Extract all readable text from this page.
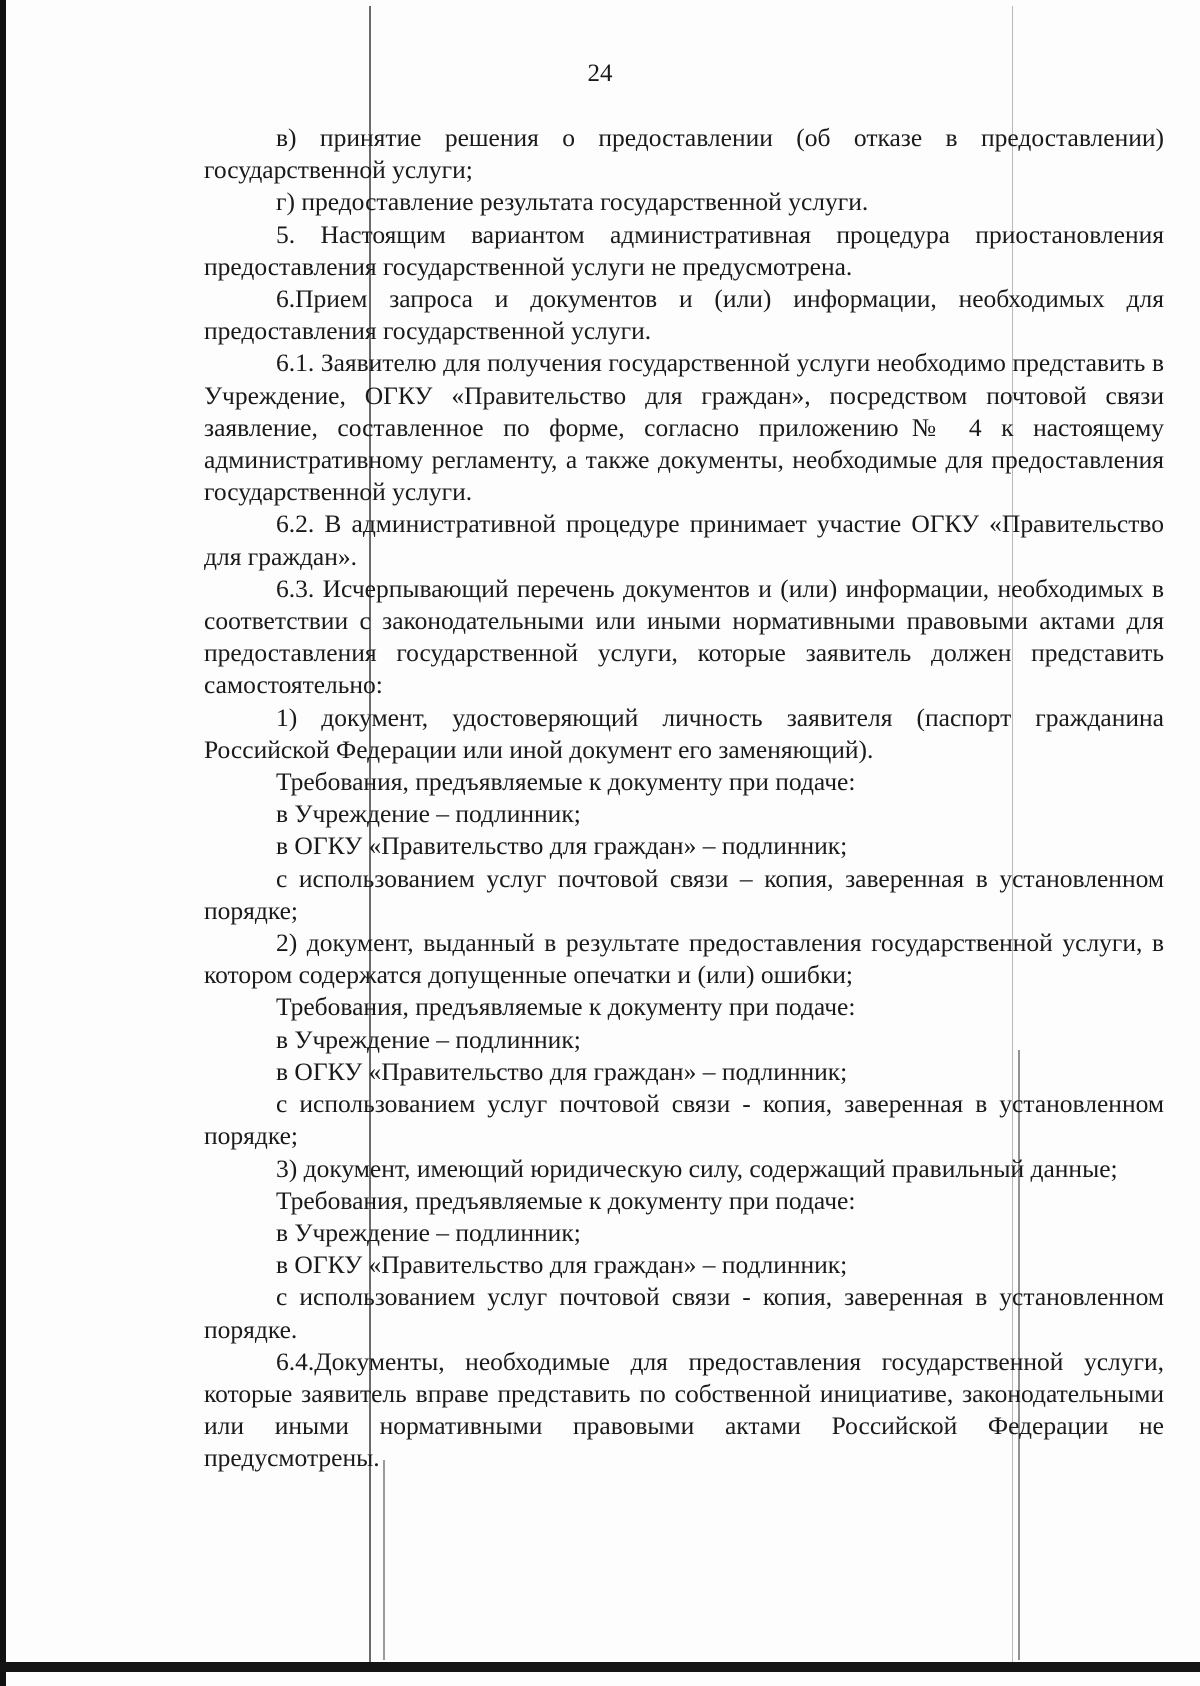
24

в) принятие решения о предоставлении (об отказе в предоставлении) государственной услуги;

г) предоставление результата государственной услуги.

5. Настоящим вариантом административная процедура приостановления предоставления государственной услуги не предусмотрена.

6.Прием запроса и документов и (или) информации, необходимых для предоставления государственной услуги.

6.1. Заявителю для получения государственной услуги необходимо представить в Учреждение, ОГКУ «Правительство для граждан», посредством почтовой связи заявление, составленное по форме, согласно приложению№ 4 к настоящему административному регламенту, а также документы, необходимые для предоставления государственной услуги.

6.2. В административной процедуре принимает участие ОГКУ «Правительство для граждан».

6.3. Исчерпывающий перечень документов и (или) информации, необходимых в соответствии с законодательными или иными нормативными правовыми актами для предоставления государственной услуги, которые заявитель должен представить самостоятельно:

1) документ, удостоверяющий личность заявителя (паспорт гражданина Российской Федерации или иной документ его заменяющий).

Требования, предъявляемые к документу при подаче:

в Учреждение – подлинник;

в ОГКУ «Правительство для граждан» – подлинник;

с использованием услуг почтовой связи – копия, заверенная в установленном порядке;

2) документ, выданный в результате предоставления государственной услуги, в котором содержатся допущенные опечатки и (или) ошибки;

Требования, предъявляемые к документу при подаче:

в Учреждение – подлинник;

в ОГКУ «Правительство для граждан» – подлинник;

с использованием услуг почтовой связи - копия, заверенная в установленном порядке;

3) документ, имеющий юридическую силу, содержащий правильный данные;

Требования, предъявляемые к документу при подаче:

в Учреждение – подлинник;

в ОГКУ «Правительство для граждан» – подлинник;

с использованием услуг почтовой связи - копия, заверенная в установленном порядке.

6.4.Документы, необходимые для предоставления государственной услуги, которые заявитель вправе представить по собственной инициативе, законодательными или иными нормативными правовыми актами Российской Федерации не предусмотрены.
